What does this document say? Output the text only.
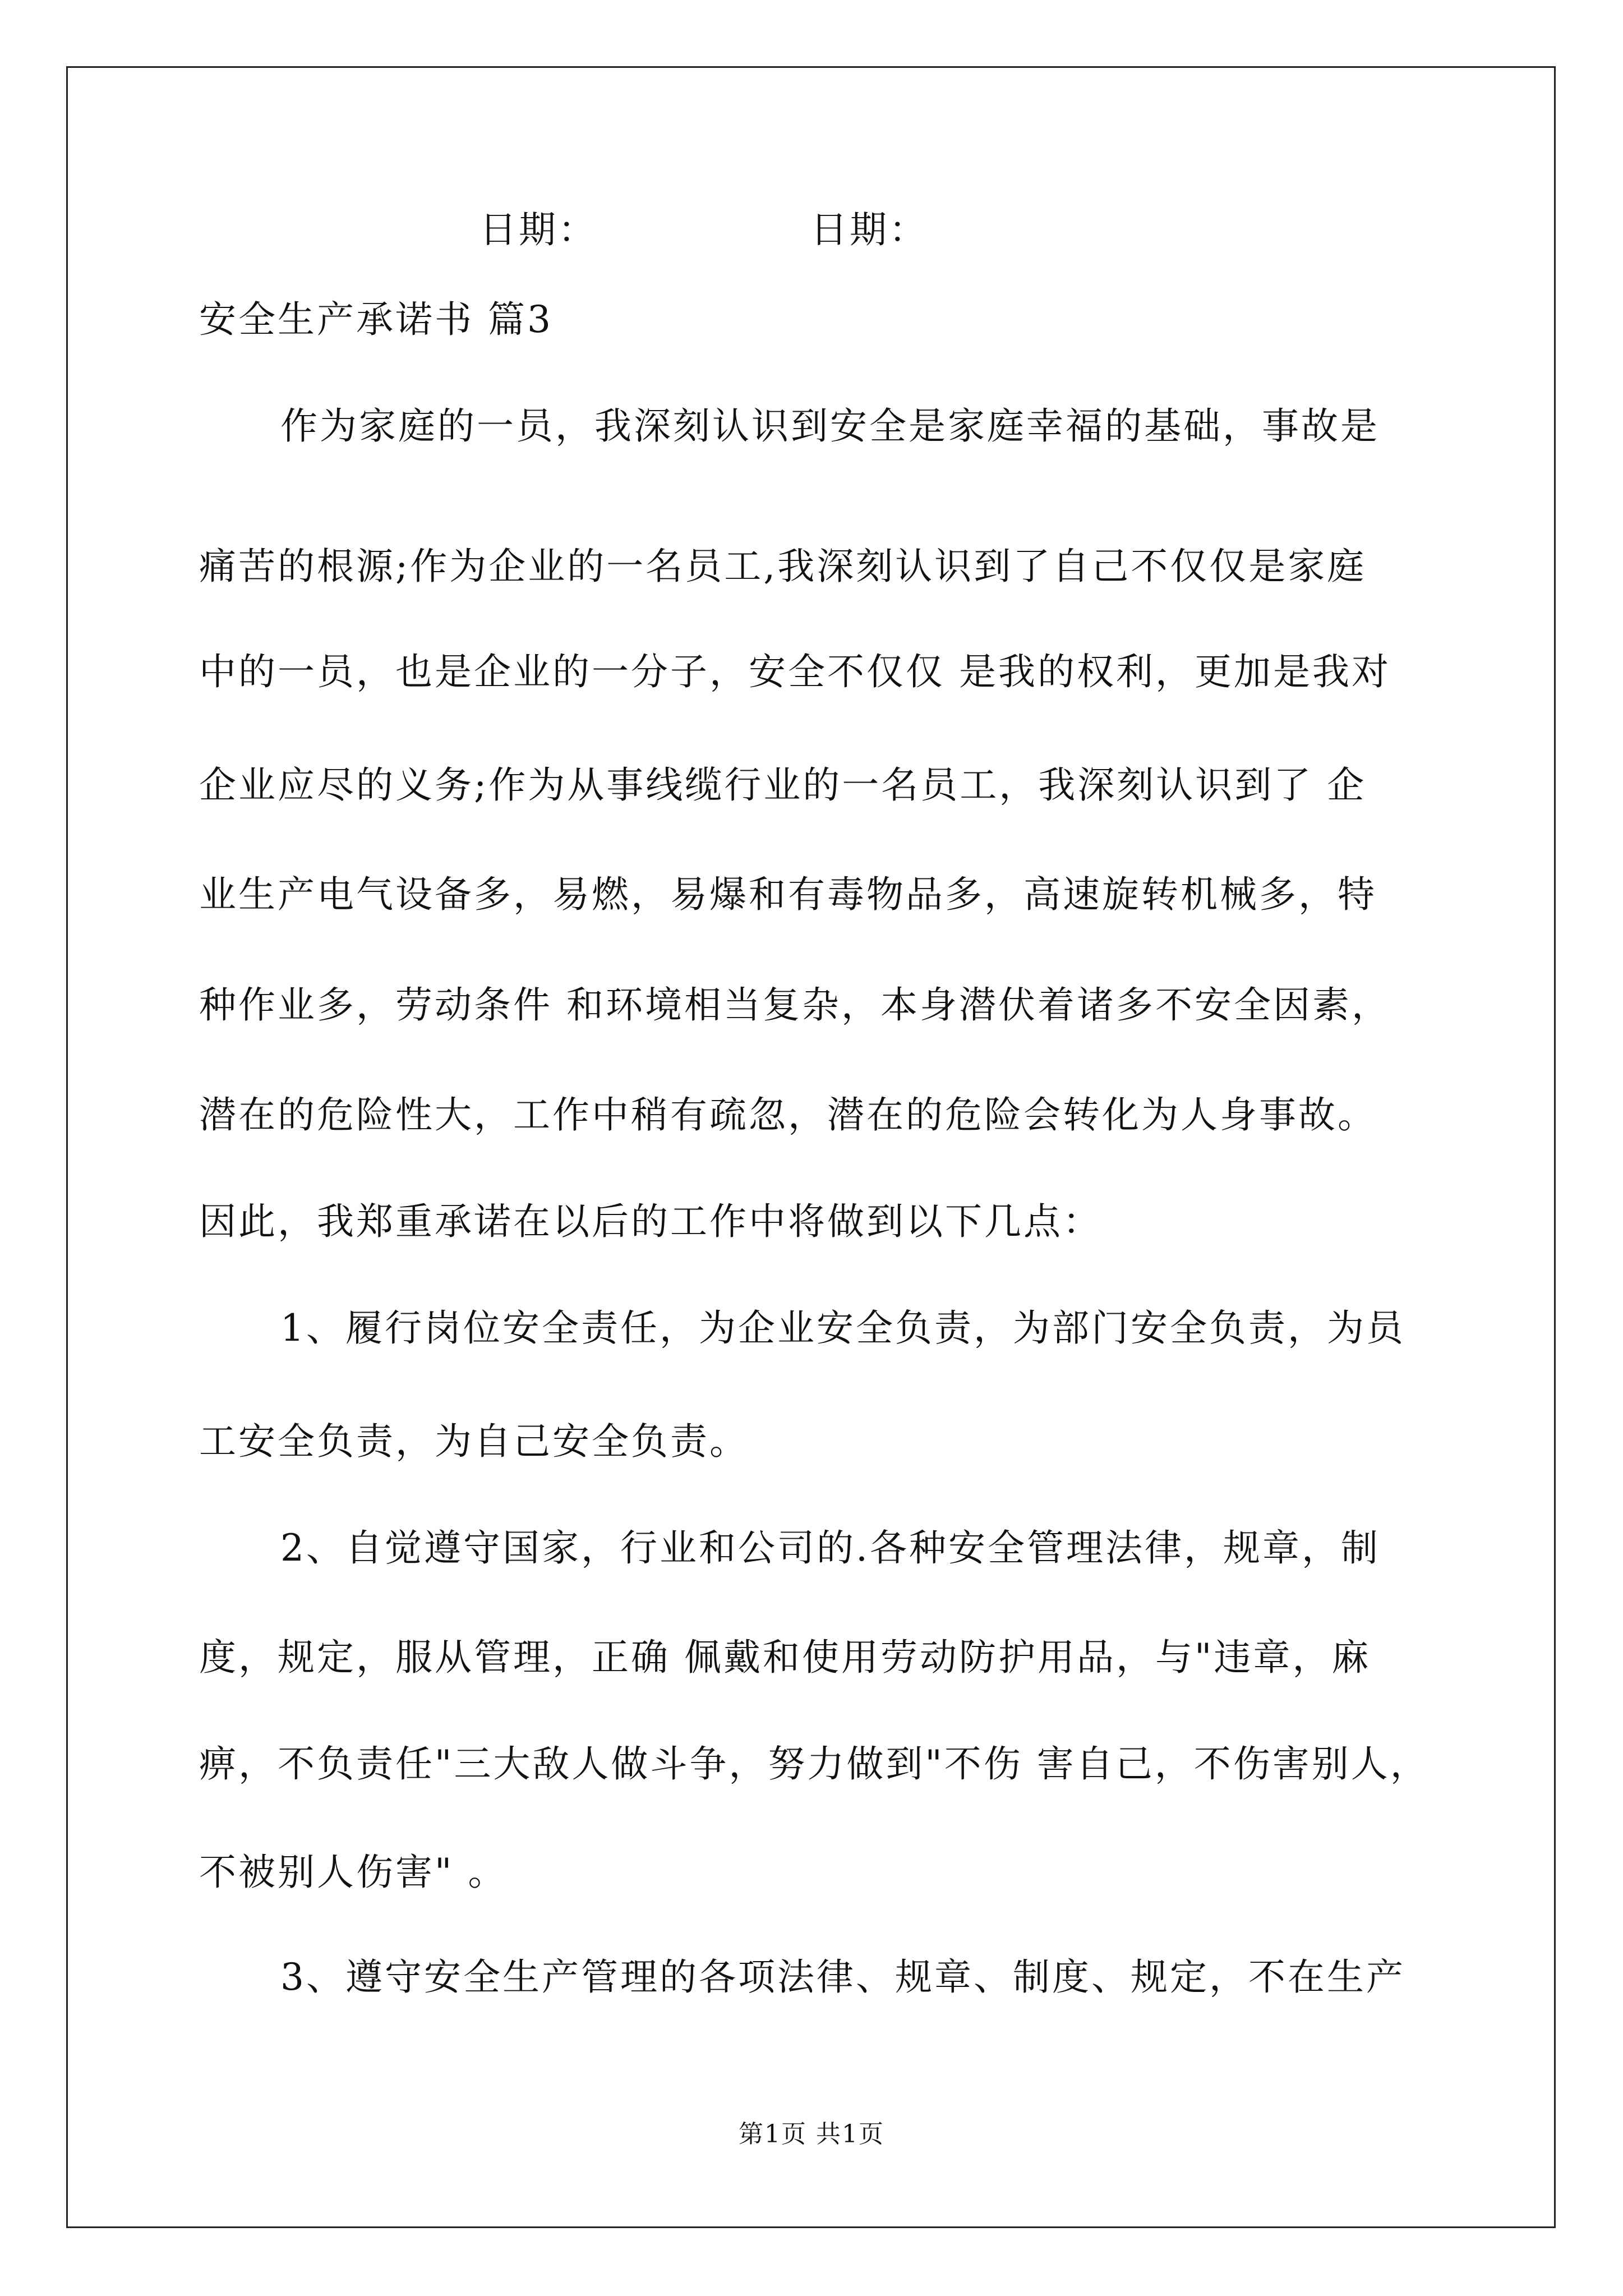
日期：	日期：
安全生产承诺书 篇3
作为家庭的一员，我深刻认识到安全是家庭幸福的基础，事故是
痛苦的根源;作为企业的一名员工,我深刻认识到了自己不仅仅是家庭
中的一员，也是企业的一分子，安全不仅仅 是我的权利，更加是我对
企业应尽的义务;作为从事线缆行业的一名员工，我深刻认识到了 企
业生产电气设备多，易燃，易爆和有毒物品多，高速旋转机械多，特
种作业多，劳动条件 和环境相当复杂，本身潜伏着诸多不安全因素，
潜在的危险性大，工作中稍有疏忽，潜在的危险会转化为人身事故。
因此，我郑重承诺在以后的工作中将做到以下几点：
1、履行岗位安全责任，为企业安全负责，为部门安全负责，为员
工安全负责，为自己安全负责。
2、自觉遵守国家，行业和公司的.各种安全管理法律，规章，制
度，规定，服从管理，正确 佩戴和使用劳动防护用品，与"违章，麻
痹，不负责任"三大敌人做斗争，努力做到"不伤 害自己，不伤害别人，
不被别人伤害" 。
3、遵守安全生产管理的各项法律、规章、制度、规定，不在生产
第1页 共1页
